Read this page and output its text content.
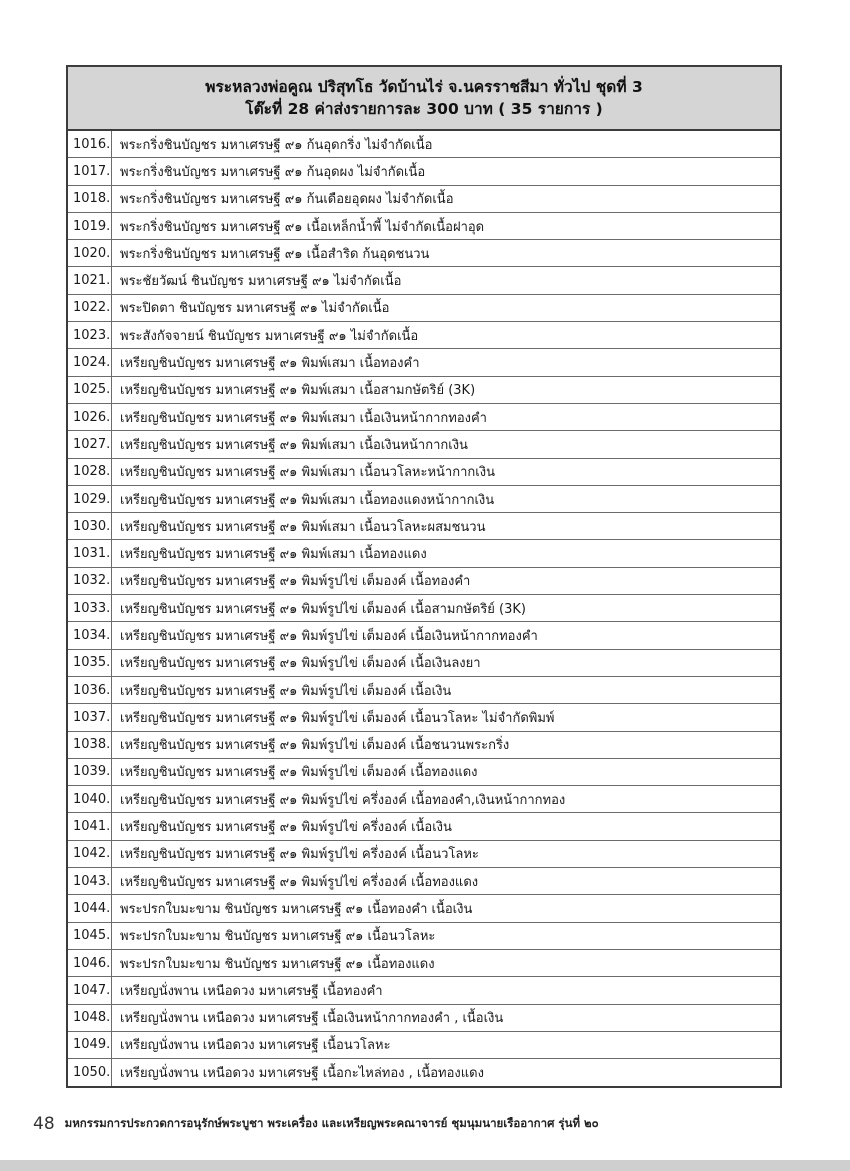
พระหลวงพ่อคูณ ปริสุทโธ วัดบ้านไร่ จ.นครราชสีมา ทั่วไป ชุดที่ 3
โต๊ะที่ 28 ค่าส่งรายการละ 300 บาท ( 35 รายการ )
1016. พระกริ่งชินบัญชร มหาเศรษฐี ๙๑ ก้นอุดกริ่ง ไม่จำกัดเนื้อ
1017. พระกริ่งชินบัญชร มหาเศรษฐี ๙๑ ก้นอุดผง ไม่จำกัดเนื้อ
1018. พระกริ่งชินบัญชร มหาเศรษฐี ๙๑ ก้นเดือยอุดผง ไม่จำกัดเนื้อ
1019. พระกริ่งชินบัญชร มหาเศรษฐี ๙๑ เนื้อเหล็กน้ำพี้ ไม่จำกัดเนื้อฝาอุด
1020. พระกริ่งชินบัญชร มหาเศรษฐี ๙๑ เนื้อสำริด ก้นอุดชนวน
1021. พระชัยวัฒน์ ชินบัญชร มหาเศรษฐี ๙๑ ไม่จำกัดเนื้อ
1022. พระปิดตา ชินบัญชร มหาเศรษฐี ๙๑ ไม่จำกัดเนื้อ
1023. พระสังกัจจายน์ ชินบัญชร มหาเศรษฐี ๙๑ ไม่จำกัดเนื้อ
1024. เหรียญชินบัญชร มหาเศรษฐี ๙๑ พิมพ์เสมา เนื้อทองคำ
1025. เหรียญชินบัญชร มหาเศรษฐี ๙๑ พิมพ์เสมา เนื้อสามกษัตริย์ (3K)
1026. เหรียญชินบัญชร มหาเศรษฐี ๙๑ พิมพ์เสมา เนื้อเงินหน้ากากทองคำ
1027. เหรียญชินบัญชร มหาเศรษฐี ๙๑ พิมพ์เสมา เนื้อเงินหน้ากากเงิน
1028. เหรียญชินบัญชร มหาเศรษฐี ๙๑ พิมพ์เสมา เนื้อนวโลหะหน้ากากเงิน
1029. เหรียญชินบัญชร มหาเศรษฐี ๙๑ พิมพ์เสมา เนื้อทองแดงหน้ากากเงิน
1030. เหรียญชินบัญชร มหาเศรษฐี ๙๑ พิมพ์เสมา เนื้อนวโลหะผสมชนวน
1031. เหรียญชินบัญชร มหาเศรษฐี ๙๑ พิมพ์เสมา เนื้อทองแดง
1032. เหรียญชินบัญชร มหาเศรษฐี ๙๑ พิมพ์รูปไข่ เต็มองค์ เนื้อทองคำ
1033. เหรียญชินบัญชร มหาเศรษฐี ๙๑ พิมพ์รูปไข่ เต็มองค์ เนื้อสามกษัตริย์ (3K)
1034. เหรียญชินบัญชร มหาเศรษฐี ๙๑ พิมพ์รูปไข่ เต็มองค์ เนื้อเงินหน้ากากทองคำ
1035. เหรียญชินบัญชร มหาเศรษฐี ๙๑ พิมพ์รูปไข่ เต็มองค์ เนื้อเงินลงยา
1036. เหรียญชินบัญชร มหาเศรษฐี ๙๑ พิมพ์รูปไข่ เต็มองค์ เนื้อเงิน
1037. เหรียญชินบัญชร มหาเศรษฐี ๙๑ พิมพ์รูปไข่ เต็มองค์ เนื้อนวโลหะ ไม่จำกัดพิมพ์
1038. เหรียญชินบัญชร มหาเศรษฐี ๙๑ พิมพ์รูปไข่ เต็มองค์ เนื้อชนวนพระกริ่ง
1039. เหรียญชินบัญชร มหาเศรษฐี ๙๑ พิมพ์รูปไข่ เต็มองค์ เนื้อทองแดง
1040. เหรียญชินบัญชร มหาเศรษฐี ๙๑ พิมพ์รูปไข่ ครึ่งองค์ เนื้อทองคำ,เงินหน้ากากทอง
1041. เหรียญชินบัญชร มหาเศรษฐี ๙๑ พิมพ์รูปไข่ ครึ่งองค์ เนื้อเงิน
1042. เหรียญชินบัญชร มหาเศรษฐี ๙๑ พิมพ์รูปไข่ ครึ่งองค์ เนื้อนวโลหะ
1043. เหรียญชินบัญชร มหาเศรษฐี ๙๑ พิมพ์รูปไข่ ครึ่งองค์ เนื้อทองแดง
1044. พระปรกใบมะขาม ชินบัญชร มหาเศรษฐี ๙๑ เนื้อทองคำ เนื้อเงิน
1045. พระปรกใบมะขาม ชินบัญชร มหาเศรษฐี ๙๑ เนื้อนวโลหะ
1046. พระปรกใบมะขาม ชินบัญชร มหาเศรษฐี ๙๑ เนื้อทองแดง
1047. เหรียญนั่งพาน เหนือดวง มหาเศรษฐี เนื้อทองคำ
1048. เหรียญนั่งพาน เหนือดวง มหาเศรษฐี เนื้อเงินหน้ากากทองคำ , เนื้อเงิน
1049. เหรียญนั่งพาน เหนือดวง มหาเศรษฐี เนื้อนวโลหะ
1050. เหรียญนั่งพาน เหนือดวง มหาเศรษฐี เนื้อกะไหล่ทอง , เนื้อทองแดง
48 มหกรรมการประกวดการอนุรักษ์พระบูชา พระเครื่อง และเหรียญพระคณาจารย์ ชุมนุมนายเรืออากาศ รุ่นที่ ๒๐
